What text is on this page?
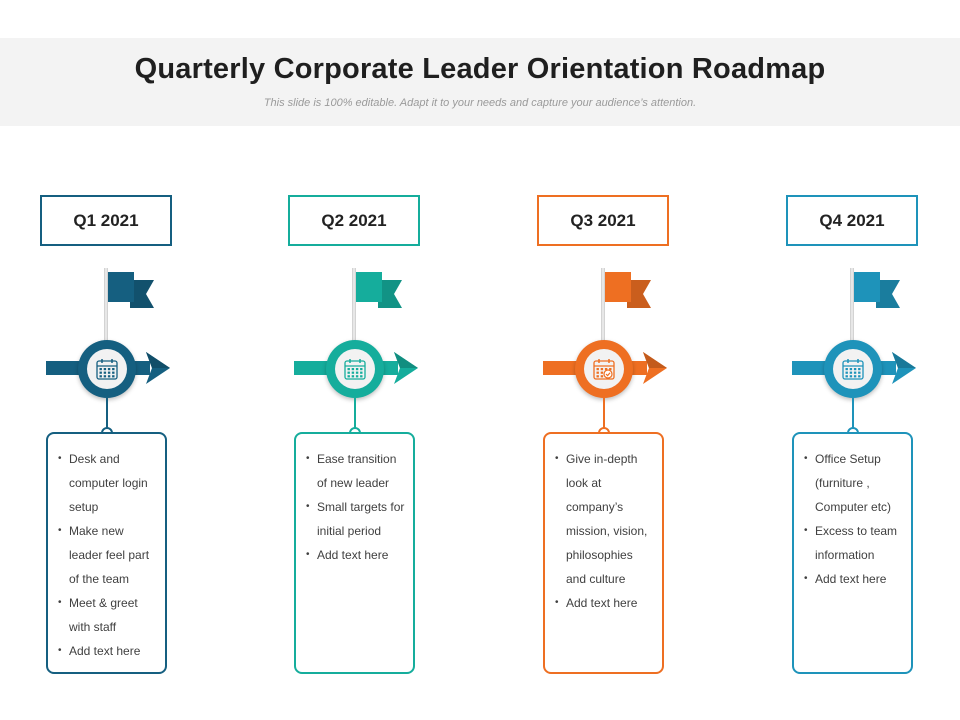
Quarterly Corporate Leader Orientation Roadmap
This slide is 100% editable. Adapt it to your needs and capture your audience’s attention.
Q1 2021
• Desk and computer login setup
• Make new leader feel part of the team
• Meet & greet with staff
• Add text here
Q2 2021
• Ease transition of new leader
• Small targets for initial period
• Add text here
Q3 2021
• Give in-depth look at company’s mission, vision, philosophies and culture
• Add text here
Q4 2021
• Office Setup (furniture , Computer etc)
• Excess to team information
• Add text here
